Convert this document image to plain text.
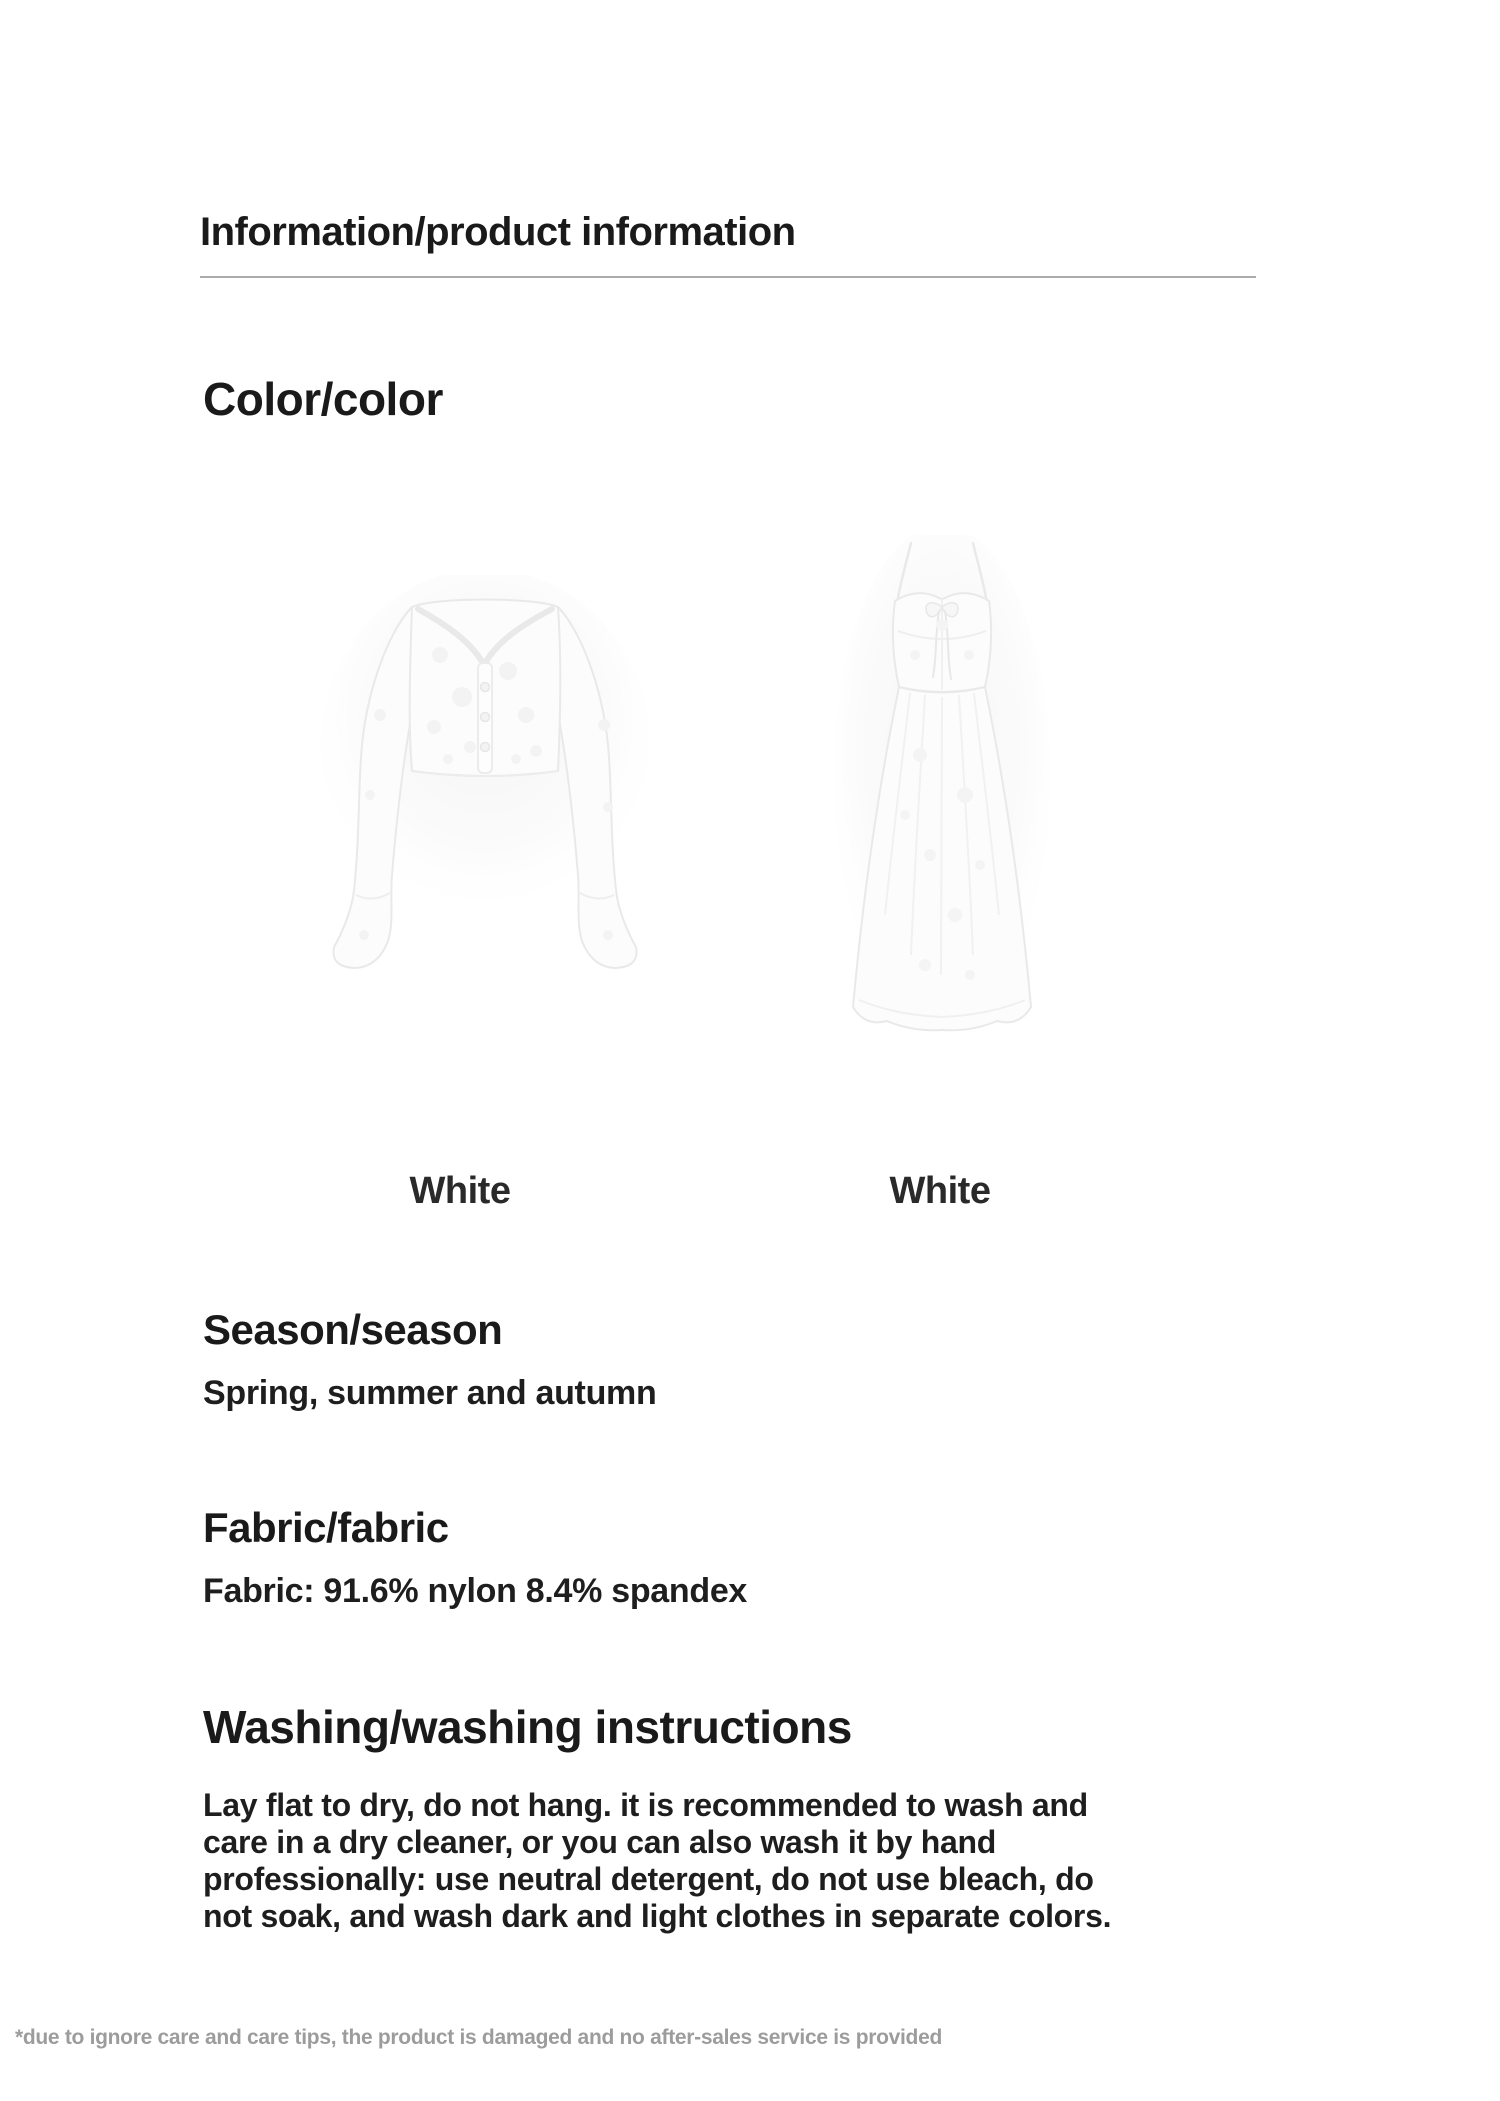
Information/product information
Color/color
White	White
Season/season
Spring, summer and autumn
Fabric/fabric
Fabric: 91.6% nylon 8.4% spandex
Washing/washing instructions
Lay flat to dry, do not hang. it is recommended to wash and
care in a dry cleaner, or you can also wash it by hand
professionally: use neutral detergent, do not use bleach, do
not soak, and wash dark and light clothes in separate colors.
*due to ignore care and care tips, the product is damaged and no after-sales service is provided
